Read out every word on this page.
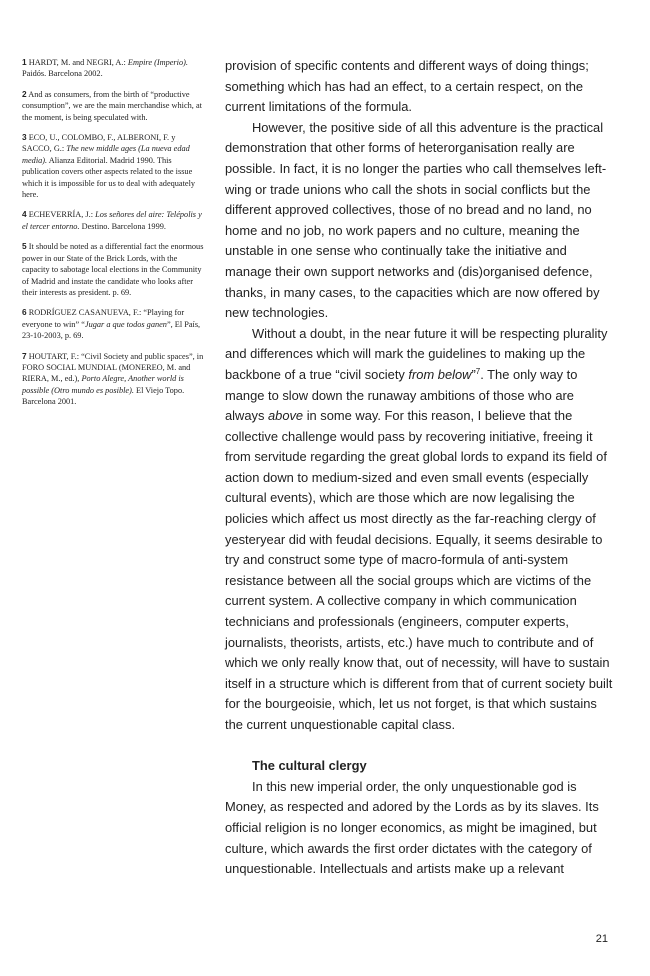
1 HARDT, M. and NEGRI, A.: Empire (Imperio). Paidós. Barcelona 2002.

2 And as consumers, from the birth of “productive consumption”, we are the main merchandise which, at the moment, is being speculated with.

3 ECO, U., COLOMBO, F., ALBERONI, F. y SACCO, G.: The new middle ages (La nueva edad media). Alianza Editorial. Madrid 1990. This publication covers other aspects related to the issue which it is impossible for us to deal with adequately here.

4 ECHEVERRÍA, J.: Los señores del aire: Telépolis y el tercer entorno. Destino. Barcelona 1999.

5 It should be noted as a differential fact the enormous power in our State of the Brick Lords, with the capacity to sabotage local elections in the Community of Madrid and instate the candidate who looks after their interests as president. p. 69.

6 RODRÍGUEZ CASANUEVA, F.: “Playing for everyone to win” “Jugar a que todos ganen”, El País, 23-10-2003, p. 69.

7 HOUTART, F.: “Civil Society and public spaces”, in FORO SOCIAL MUNDIAL (MONEREO, M. and RIERA, M., ed.), Porto Alegre, Another world is possible (Otro mundo es posible). El Viejo Topo. Barcelona 2001.

provision of specific contents and different ways of doing things; something which has had an effect, to a certain respect, on the current limitations of the formula.

However, the positive side of all this adventure is the practical demonstration that other forms of heterorganisation really are possible. In fact, it is no longer the parties who call themselves left-wing or trade unions who call the shots in social conflicts but the different approved collectives, those of no bread and no land, no home and no job, no work papers and no culture, meaning the unstable in one sense who continually take the initiative and manage their own support networks and (dis)organised defence, thanks, in many cases, to the capacities which are now offered by new technologies.

Without a doubt, in the near future it will be respecting plurality and differences which will mark the guidelines to making up the backbone of a true “civil society from below”$^7$. The only way to mange to slow down the runaway ambitions of those who are always above in some way. For this reason, I believe that the collective challenge would pass by recovering initiative, freeing it from servitude regarding the great global lords to expand its field of action down to medium-sized and even small events (especially cultural events), which are those which are now legalising the policies which affect us most directly as the far-reaching clergy of yesteryear did with feudal decisions. Equally, it seems desirable to try and construct some type of macro-formula of anti-system resistance between all the social groups which are victims of the current system. A collective company in which communication technicians and professionals (engineers, computer experts, journalists, theorists, artists, etc.) have much to contribute and of which we only really know that, out of necessity, will have to sustain itself in a structure which is different from that of current society built for the bourgeoisie, which, let us not forget, is that which sustains the current unquestionable capital class.

The cultural clergy

In this new imperial order, the only unquestionable god is Money, as respected and adored by the Lords as by its slaves. Its official religion is no longer economics, as might be imagined, but culture, which awards the first order dictates with the category of unquestionable. Intellectuals and artists make up a relevant

21
